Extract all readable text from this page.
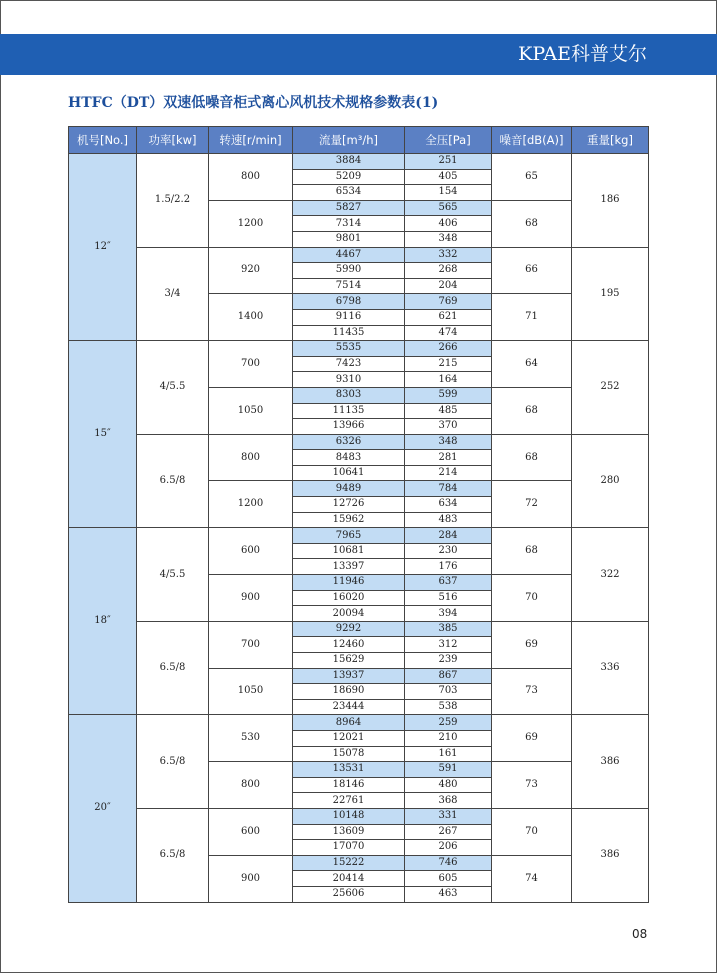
KPAE科普艾尔
HTFC（DT）双速低噪音柜式离心风机技术规格参数表(1)
机号[No.]	功率[kw]	转速[r/min]	流量[m³/h]	全压[Pa]	噪音[dB(A)]	重量[kg]
12″	1.5/2.2	800	3884	251	65	186
			5209	405		
			6534	154		
		1200	5827	565	68	
			7314	406		
			9801	348		
	3/4	920	4467	332	66	195
			5990	268		
			7514	204		
		1400	6798	769	71	
			9116	621		
			11435	474		
15″	4/5.5	700	5535	266	64	252
			7423	215		
			9310	164		
		1050	8303	599	68	
			11135	485		
			13966	370		
	6.5/8	800	6326	348	68	280
			8483	281		
			10641	214		
		1200	9489	784	72	
			12726	634		
			15962	483		
18″	4/5.5	600	7965	284	68	322
			10681	230		
			13397	176		
		900	11946	637	70	
			16020	516		
			20094	394		
	6.5/8	700	9292	385	69	336
			12460	312		
			15629	239		
		1050	13937	867	73	
			18690	703		
			23444	538		
20″	6.5/8	530	8964	259	69	386
			12021	210		
			15078	161		
		800	13531	591	73	
			18146	480		
			22761	368		
	6.5/8	600	10148	331	70	386
			13609	267		
			17070	206		
		900	15222	746	74	
			20414	605		
			25606	463		
08
